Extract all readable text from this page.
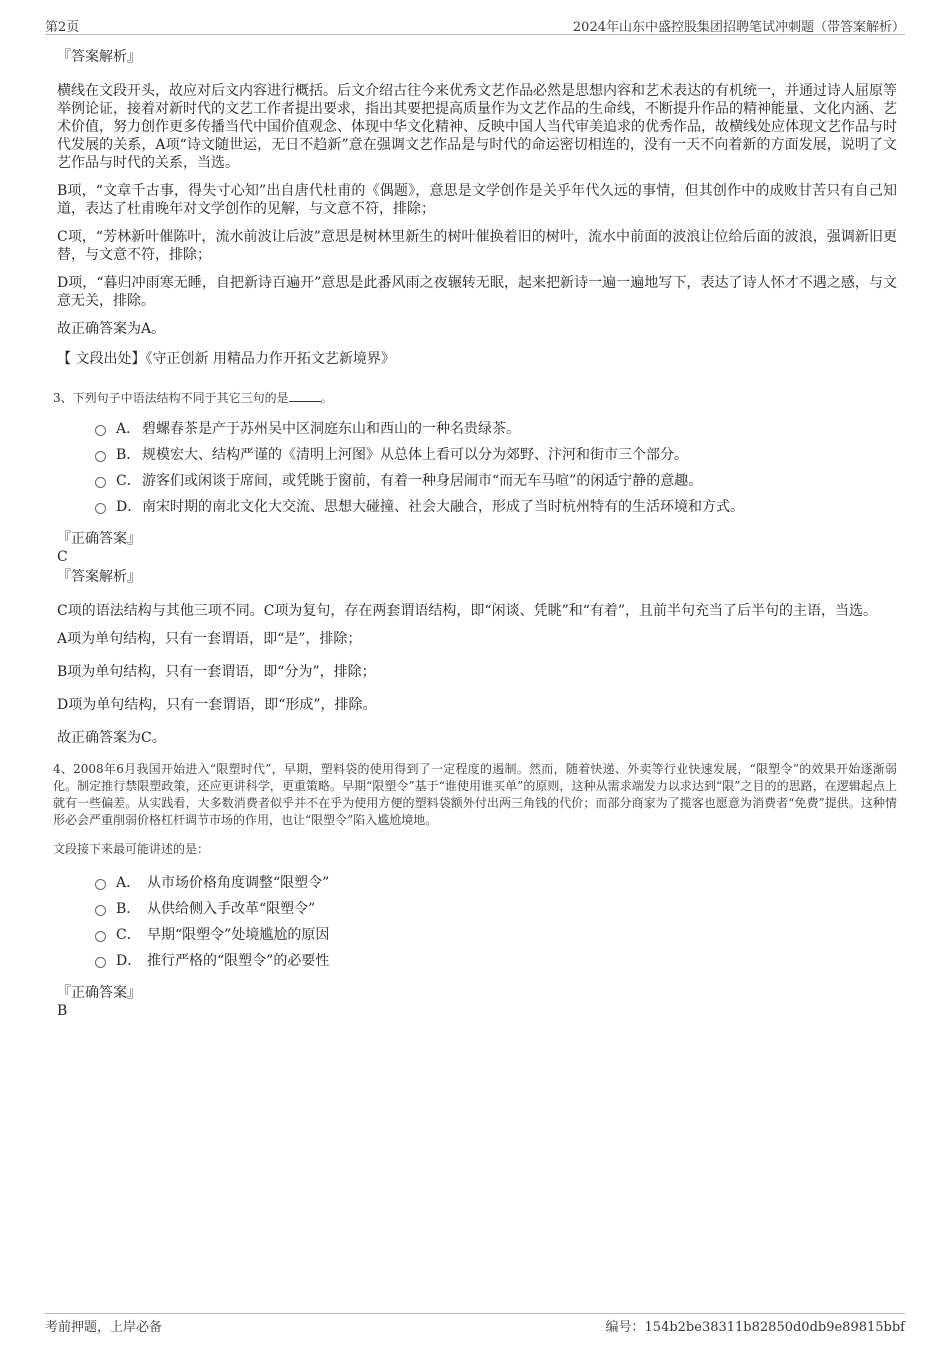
第2页	2024年山东中盛控股集团招聘笔试冲刺题（带答案解析）

『答案解析』

横线在文段开头，故应对后文内容进行概括。后文介绍古往今来优秀文艺作品必然是思想内容和艺术表达的有机统一，并通过诗人屈原等举例论证，接着对新时代的文艺工作者提出要求，指出其要把提高质量作为文艺作品的生命线，不断提升作品的精神能量、文化内涵、艺术价值，努力创作更多传播当代中国价值观念、体现中华文化精神、反映中国人当代审美追求的优秀作品，故横线处应体现文艺作品与时代发展的关系，A项“诗文随世运，无日不趋新”意在强调文艺作品是与时代的命运密切相连的，没有一天不向着新的方面发展，说明了文艺作品与时代的关系，当选。

B项，“文章千古事，得失寸心知”出自唐代杜甫的《偶题》，意思是文学创作是关乎年代久远的事情，但其创作中的成败甘苦只有自己知道，表达了杜甫晚年对文学创作的见解，与文意不符，排除；

C项，“芳林新叶催陈叶，流水前波让后波”意思是树林里新生的树叶催换着旧的树叶，流水中前面的波浪让位给后面的波浪，强调新旧更替，与文意不符，排除；

D项，“暮归冲雨寒无睡，自把新诗百遍开”意思是此番风雨之夜辗转无眠，起来把新诗一遍一遍地写下，表达了诗人怀才不遇之感，与文意无关，排除。

故正确答案为A。

【 文段出处】《守正创新 用精品力作开拓文艺新境界》

3、下列句子中语法结构不同于其它三句的是	。

A． 碧螺春茶是产于苏州吴中区洞庭东山和西山的一种名贵绿茶。
B． 规模宏大、结构严谨的《清明上河图》从总体上看可以分为郊野、汴河和街市三个部分。
C． 游客们或闲谈于席间，或凭眺于窗前，有着一种身居闹市“而无车马喧”的闲适宁静的意趣。
D． 南宋时期的南北文化大交流、思想大碰撞、社会大融合，形成了当时杭州特有的生活环境和方式。

『正确答案』

C

『答案解析』

C项的语法结构与其他三项不同。C项为复句，存在两套谓语结构，即“闲谈、凭眺”和“有着”，且前半句充当了后半句的主语，当选。

A项为单句结构，只有一套谓语，即“是”，排除；

B项为单句结构，只有一套谓语，即“分为”，排除；

D项为单句结构，只有一套谓语，即“形成”，排除。

故正确答案为C。

4、2008年6月我国开始进入“限塑时代”，早期，塑料袋的使用得到了一定程度的遏制。然而，随着快递、外卖等行业快速发展，“限塑令”的效果开始逐渐弱化。制定推行禁限塑政策，还应更讲科学，更重策略。早期“限塑令”基于“谁使用谁买单”的原则，这种从需求端发力以求达到“限”之目的的思路，在逻辑起点上就有一些偏差。从实践看，大多数消费者似乎并不在乎为使用方便的塑料袋额外付出两三角钱的代价；而部分商家为了揽客也愿意为消费者“免费”提供。这种情形必会严重削弱价格杠杆调节市场的作用，也让“限塑令”陷入尴尬境地。

文段接下来最可能讲述的是：

A． 从市场价格角度调整“限塑令”
B． 从供给侧入手改革“限塑令”
C． 早期“限塑令”处境尴尬的原因
D． 推行严格的“限塑令”的必要性

『正确答案』

B

考前押题，上岸必备	编号：154b2be38311b82850d0db9e89815bbf
